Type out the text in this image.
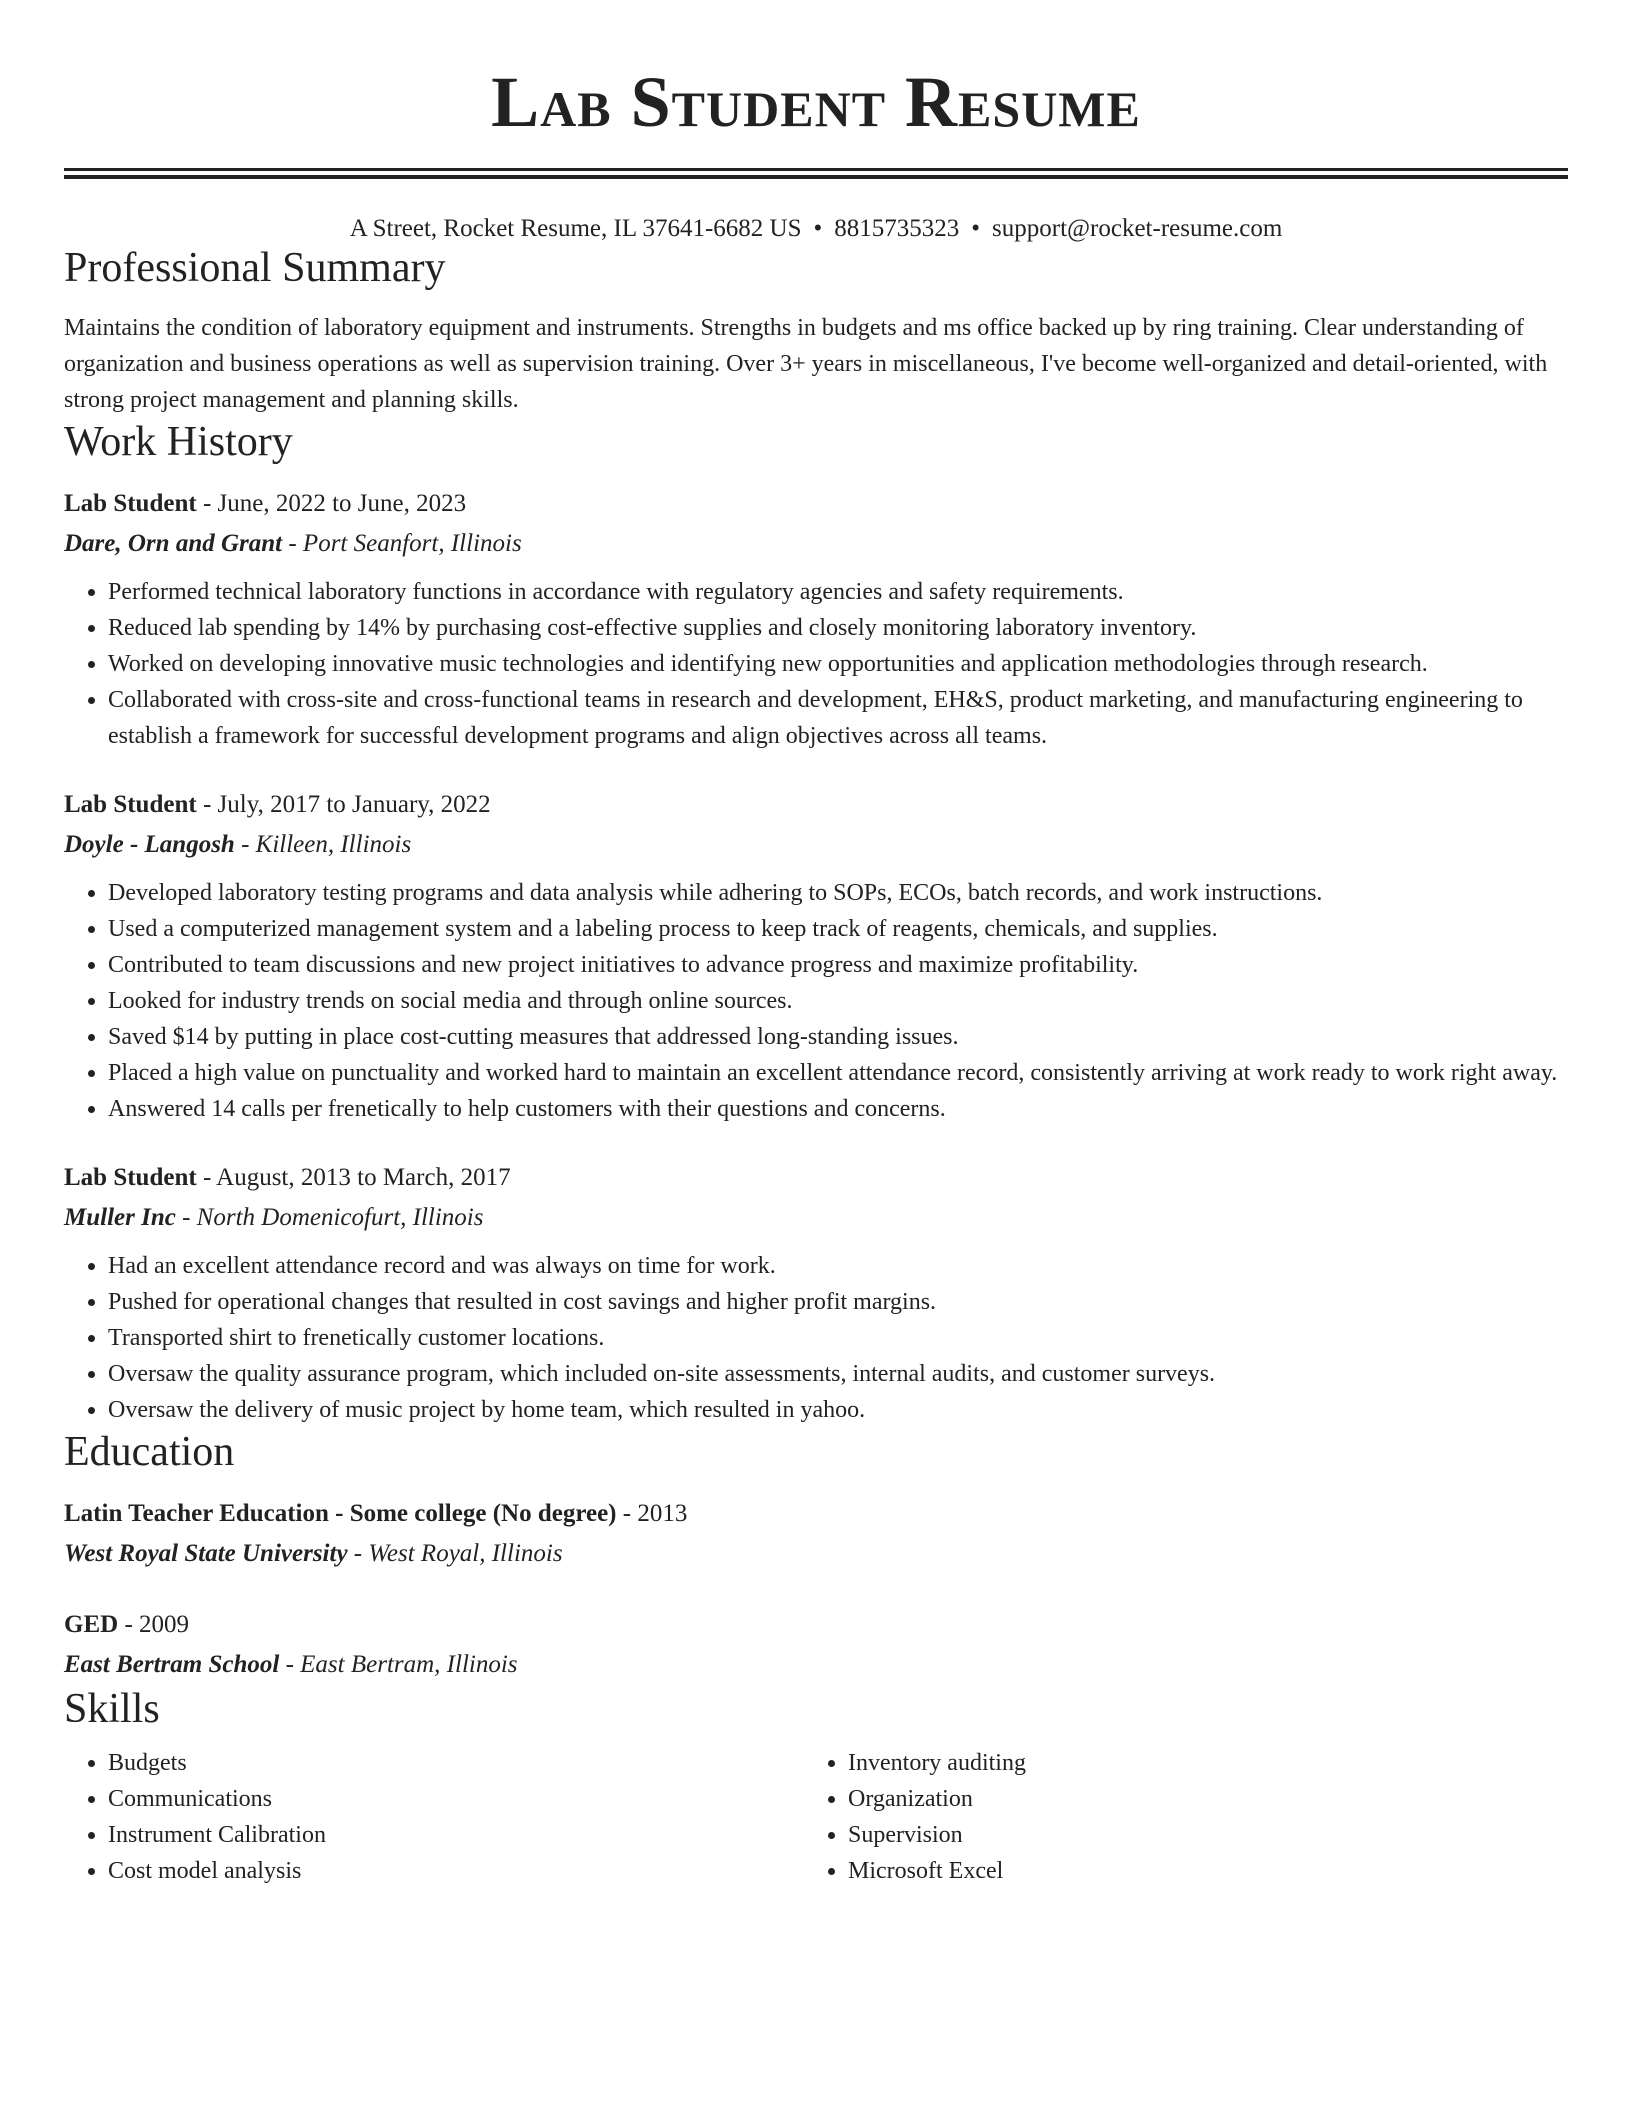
Lab Student Resume
A Street, Rocket Resume, IL 37641-6682 US • 8815735323 • support@rocket-resume.com
Professional Summary
Maintains the condition of laboratory equipment and instruments. Strengths in budgets and ms office backed up by ring training. Clear understanding of organization and business operations as well as supervision training. Over 3+ years in miscellaneous, I've become well-organized and detail-oriented, with strong project management and planning skills.
Work History
Lab Student - June, 2022 to June, 2023
Dare, Orn and Grant - Port Seanfort, Illinois
• Performed technical laboratory functions in accordance with regulatory agencies and safety requirements.
• Reduced lab spending by 14% by purchasing cost-effective supplies and closely monitoring laboratory inventory.
• Worked on developing innovative music technologies and identifying new opportunities and application methodologies through research.
• Collaborated with cross-site and cross-functional teams in research and development, EH&S, product marketing, and manufacturing engineering to establish a framework for successful development programs and align objectives across all teams.
Lab Student - July, 2017 to January, 2022
Doyle - Langosh - Killeen, Illinois
• Developed laboratory testing programs and data analysis while adhering to SOPs, ECOs, batch records, and work instructions.
• Used a computerized management system and a labeling process to keep track of reagents, chemicals, and supplies.
• Contributed to team discussions and new project initiatives to advance progress and maximize profitability.
• Looked for industry trends on social media and through online sources.
• Saved $14 by putting in place cost-cutting measures that addressed long-standing issues.
• Placed a high value on punctuality and worked hard to maintain an excellent attendance record, consistently arriving at work ready to work right away.
• Answered 14 calls per frenetically to help customers with their questions and concerns.
Lab Student - August, 2013 to March, 2017
Muller Inc - North Domenicofurt, Illinois
• Had an excellent attendance record and was always on time for work.
• Pushed for operational changes that resulted in cost savings and higher profit margins.
• Transported shirt to frenetically customer locations.
• Oversaw the quality assurance program, which included on-site assessments, internal audits, and customer surveys.
• Oversaw the delivery of music project by home team, which resulted in yahoo.
Education
Latin Teacher Education - Some college (No degree) - 2013
West Royal State University - West Royal, Illinois
GED - 2009
East Bertram School - East Bertram, Illinois
Skills
• Budgets
• Communications
• Instrument Calibration
• Cost model analysis
• Inventory auditing
• Organization
• Supervision
• Microsoft Excel
